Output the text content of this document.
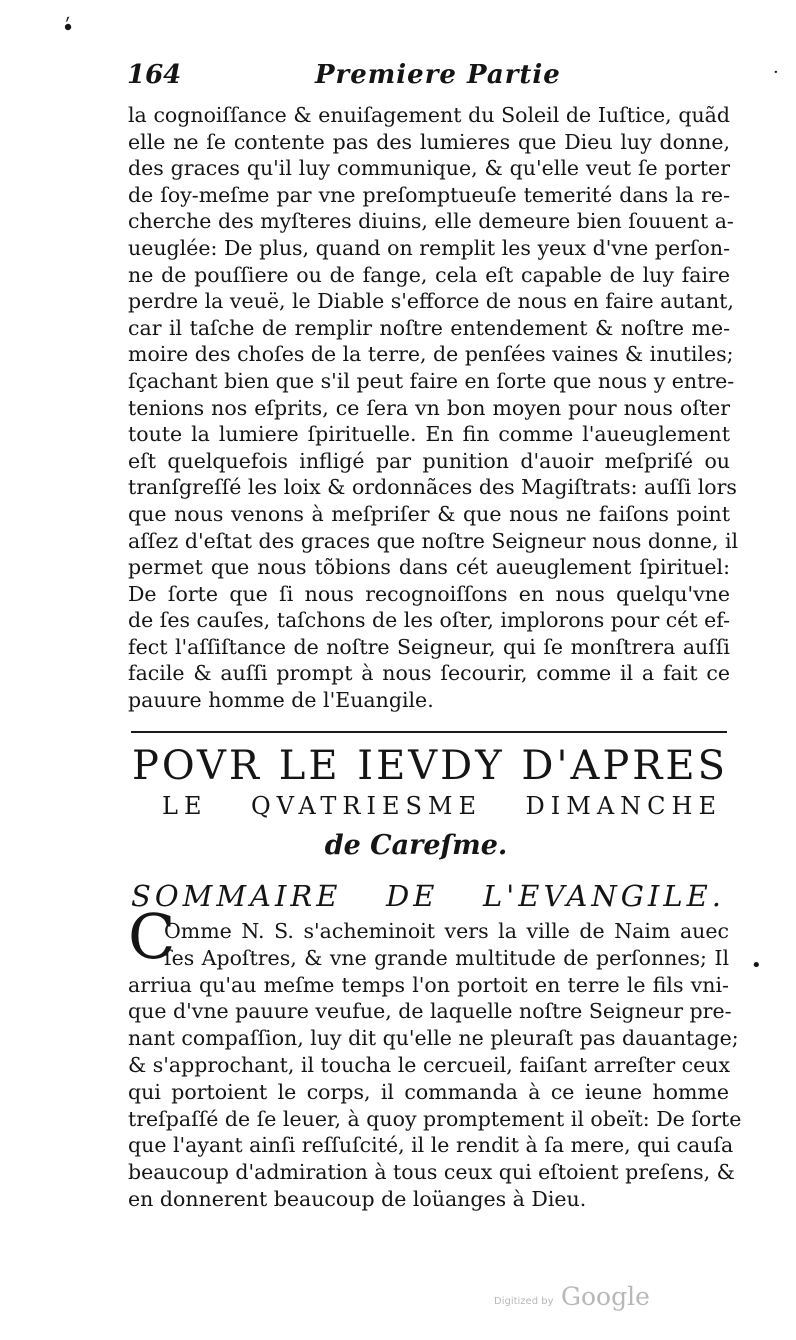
•́
·
•
164	Premiere Partie
la cognoiſſance & enuiſagement du Soleil de Iuſtice, quãd
elle ne ſe contente pas des lumieres que Dieu luy donne,
des graces qu'il luy communique, & qu'elle veut ſe porter
de ſoy-meſme par vne preſomptueuſe temerité dans la re-
cherche des myſteres diuins, elle demeure bien ſouuent a-
ueuglée: De plus, quand on remplit les yeux d'vne perſon-
ne de pouſſiere ou de fange, cela eſt capable de luy faire
perdre la veuë, le Diable s'efforce de nous en faire autant,
car il taſche de remplir noſtre entendement & noſtre me-
moire des choſes de la terre, de penſées vaines & inutiles;
ſçachant bien que s'il peut faire en ſorte que nous y entre-
tenions nos eſprits, ce ſera vn bon moyen pour nous oſter
toute la lumiere ſpirituelle. En fin comme l'aueuglement
eſt quelquefois infligé par punition d'auoir meſpriſé ou
tranſgreſſé les loix & ordonnãces des Magiſtrats: auſſi lors
que nous venons à meſpriſer & que nous ne faiſons point
aſſez d'eſtat des graces que noſtre Seigneur nous donne, il
permet que nous tõbions dans cét aueuglement ſpirituel:
De ſorte que ſi nous recognoiſſons en nous quelqu'vne
de ſes cauſes, taſchons de les oſter, implorons pour cét ef-
fect l'aſſiſtance de noſtre Seigneur, qui ſe monſtrera auſſi
facile & auſſi prompt à nous ſecourir, comme il a fait ce
pauure homme de l'Euangile.
POVR LE IEVDY D'APRES
LE QVATRIESME DIMANCHE
de Careſme.
SOMMAIRE DE L'EVANGILE.
C
Omme N. S. s'acheminoit vers la ville de Naim auec
ſes Apoſtres, & vne grande multitude de perſonnes; Il
arriua qu'au meſme temps l'on portoit en terre le fils vni-
que d'vne pauure veufue, de laquelle noſtre Seigneur pre-
nant compaſſion, luy dit qu'elle ne pleuraſt pas dauantage;
& s'approchant, il toucha le cercueil, faiſant arreſter ceux
qui portoient le corps, il commanda à ce ieune homme
treſpaſſé de ſe leuer, à quoy promptement il obeït: De ſorte
que l'ayant ainſi reſſuſcité, il le rendit à ſa mere, qui cauſa
beaucoup d'admiration à tous ceux qui eſtoient preſens, &
en donnerent beaucoup de loüanges à Dieu.
Digitized by Google
